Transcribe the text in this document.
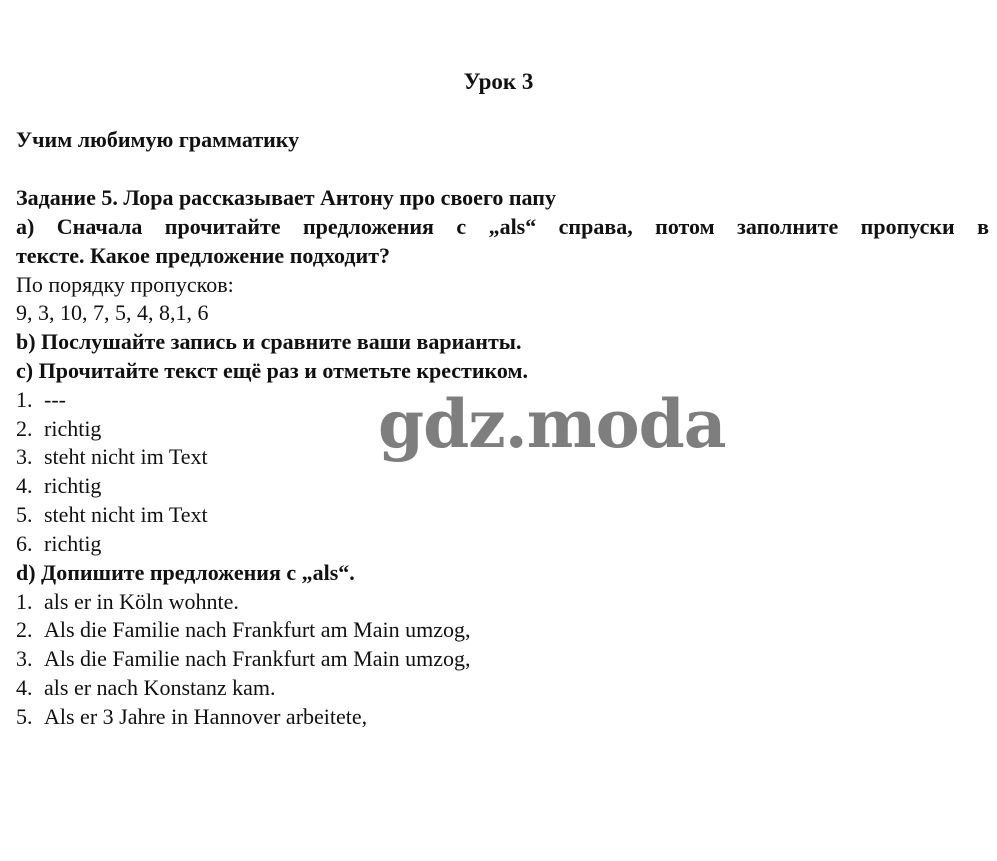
Урок 3
Учим любимую грамматику
Задание 5. Лора рассказывает Антону про своего папу
а) Сначала прочитайте предложения с „als“ справа, потом заполните пропуски в
тексте. Какое предложение подходит?
По порядку пропусков:
9, 3, 10, 7, 5, 4, 8,1, 6
b) Послушайте запись и сравните ваши варианты.
c) Прочитайте текст ещё раз и отметьте крестиком.
1. ---
2. richtig
3. steht nicht im Text
4. richtig
5. steht nicht im Text
6. richtig
d) Допишите предложения с „als“.
1. als er in Köln wohnte.
2. Als die Familie nach Frankfurt am Main umzog,
3. Als die Familie nach Frankfurt am Main umzog,
4. als er nach Konstanz kam.
5. Als er 3 Jahre in Hannover arbeitete,
gdz.moda
